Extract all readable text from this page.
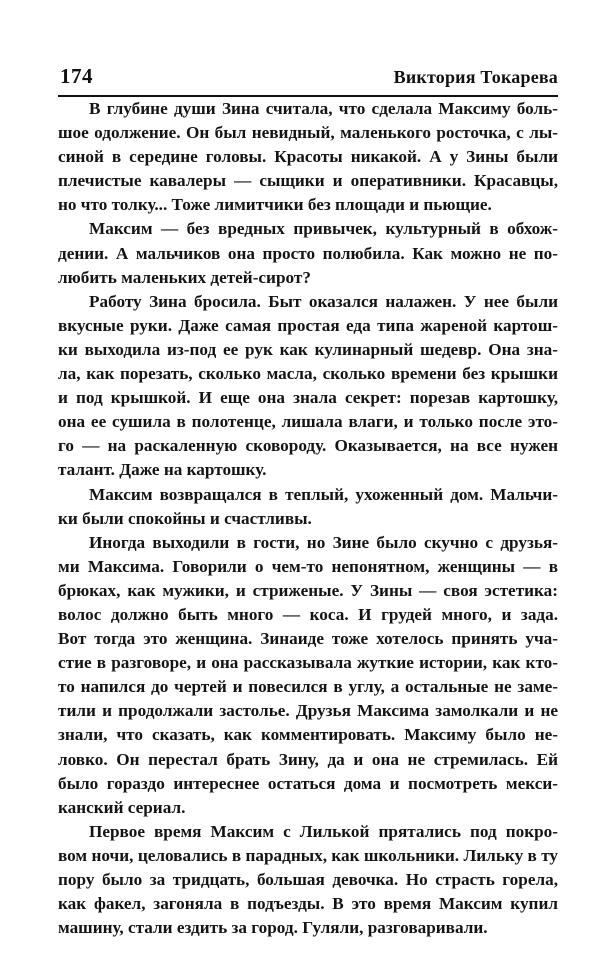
174	Виктория Токарева
В глубине души Зина считала, что сделала Максиму боль-
шое одолжение. Он был невидный, маленького росточка, с лы-
синой в середине головы. Красоты никакой. А у Зины были
плечистые кавалеры — сыщики и оперативники. Красавцы,
но что толку... Тоже лимитчики без площади и пьющие.
Максим — без вредных привычек, культурный в обхож-
дении. А мальчиков она просто полюбила. Как можно не по-
любить маленьких детей-сирот?
Работу Зина бросила. Быт оказался налажен. У нее были
вкусные руки. Даже самая простая еда типа жареной картош-
ки выходила из-под ее рук как кулинарный шедевр. Она зна-
ла, как порезать, сколько масла, сколько времени без крышки
и под крышкой. И еще она знала секрет: порезав картошку,
она ее сушила в полотенце, лишала влаги, и только после это-
го — на раскаленную сковороду. Оказывается, на все нужен
талант. Даже на картошку.
Максим возвращался в теплый, ухоженный дом. Мальчи-
ки были спокойны и счастливы.
Иногда выходили в гости, но Зине было скучно с друзья-
ми Максима. Говорили о чем-то непонятном, женщины — в
брюках, как мужики, и стриженые. У Зины — своя эстетика:
волос должно быть много — коса. И грудей много, и зада.
Вот тогда это женщина. Зинаиде тоже хотелось принять уча-
стие в разговоре, и она рассказывала жуткие истории, как кто-
то напился до чертей и повесился в углу, а остальные не заме-
тили и продолжали застолье. Друзья Максима замолкали и не
знали, что сказать, как комментировать. Максиму было не-
ловко. Он перестал брать Зину, да и она не стремилась. Ей
было гораздо интереснее остаться дома и посмотреть мекси-
канский сериал.
Первое время Максим с Лилькой прятались под покро-
вом ночи, целовались в парадных, как школьники. Лильку в ту
пору было за тридцать, большая девочка. Но страсть горела,
как факел, загоняла в подъезды. В это время Максим купил
машину, стали ездить за город. Гуляли, разговаривали.
